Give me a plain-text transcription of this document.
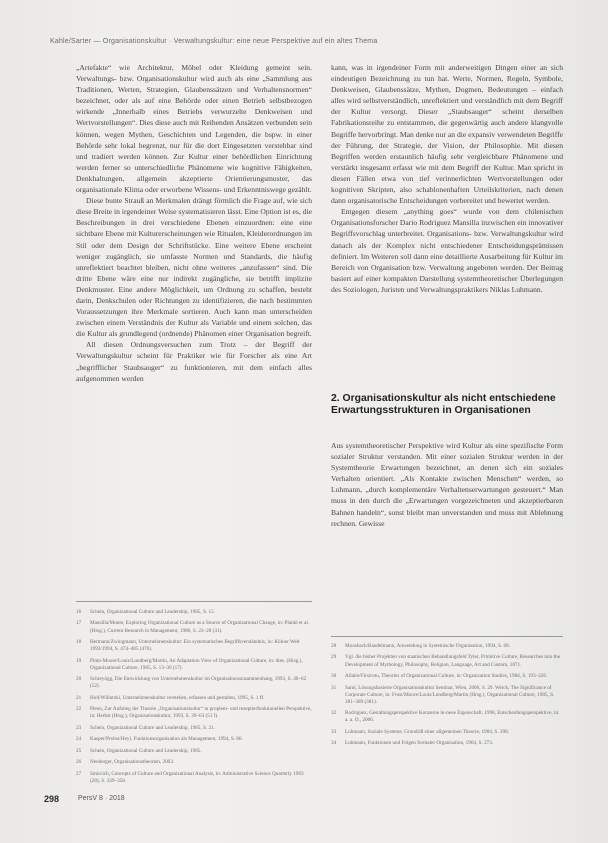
Kahle/Sarter — Organisationskultur · Verwaltungskultur: eine neue Perspektive auf ein altes Thema

„Artefakte“ wie Architektur, Möbel oder Kleidung gemeint sein. Verwaltungs- bzw. Organisationskultur wird auch als eine „Sammlung aus Traditionen, Werten, Strategien, Glaubenssätzen und Verhaltensnormen“ bezeichnet, oder als auf eine Behörde oder einen Betrieb selbstbezogen wirkende „Innerhalb eines Betriebs verwurzelte Denkweisen und Wertvorstellungen“. Dies diese auch mit Reihenden Ansätzen verbunden sein können, wegen Mythen, Geschichten und Legenden, die bspw. in einer Behörde sehr lokal begrenzt, nur für die dort Eingesetzten verstehbar sind und tradiert werden können. Zur Kultur einer behördlichen Einrichtung werden ferner so unterschiedliche Phänomene wie kognitive Fähigkeiten, Denkhaltungen, allgemein akzeptierte Orientierungsmuster, das organisationale Klima oder erworbene Wissens- und Erkenntniswege gezählt.

Diese bunte Strauß an Merkmalen drängt förmlich die Frage auf, wie sich diese Breite in irgendeiner Weise systematisieren lässt. Eine Option ist es, die Beschreibungen in drei verschiedene Ebenen einzuordnen: eine eine sichtbare Ebene mit Kulturerscheinungen wie Ritualen, Kleiderordnungen im Stil oder dem Design der Schriftstücke. Eine weitere Ebene erscheint weniger zugänglich, sie umfasste Normen und Standards, die häufig unreflektiert beachtet bleiben, nicht ohne weiteres „anzufassen“ sind. Die dritte Ebene wäre eine nur indirekt zugängliche, sie betrifft implizite Denkmuster. Eine andere Möglichkeit, um Ordnung zu schaffen, besteht darin, Denkschulen oder Richtungen zu identifizieren, die nach bestimmten Voraussetzungen ihre Merkmale sortieren. Auch kann man unterscheiden zwischen einem Verständnis der Kultur als Variable und einem solchen, das die Kultur als grundlegend (ordnende) Phänomen einer Organisation begreift.

All diesen Ordnungsversuchen zum Trotz – der Begriff der Verwaltungskultur scheint für Praktiker wie für Forscher als eine Art „begrifflicher Staubsauger“ zu funktionieren, mit dem einfach alles aufgenommen werden

kann, was in irgendeiner Form mit anderweitigen Dingen einer an sich eindeutigen Bezeichnung zu tun hat. Werte, Normen, Regeln, Symbole, Denkweisen, Glaubenssätze, Mythen, Dogmen, Bedeutungen – einfach alles wird selbstverständlich, unreflektiert und verständlich mit dem Begriff der Kultur versorgt. Dieser „Staubsauger“ scheint derselben Fabrikationsreihe zu entstammen, die gegenwärtig auch andere klangvolle Begriffe hervorbringt. Man denke nur an die expansiv verwendeten Begriffe der Führung, der Strategie, der Vision, der Philosophie. Mit diesen Begriffen werden erstaunlich häufig sehr vergleichbare Phänomene und verstärkt insgesamt erfasst wie mit dem Begriff der Kultur. Man spricht in diesen Fällen etwa von tief verinnerlichten Wertvorstellungen oder kognitiven Skripten, also schablonenhaften Urteilskriterien, nach denen dann organisatorische Entscheidungen vorbereitet und bewertet werden.

Entgegen diesem „anything goes“ wurde von dem chilenischen Organisationsforscher Dario Rodriguez Mansilla inzwischen ein innovativer Begriffsvorschlag unterbreitet. Organisations- bzw. Verwaltungskultur wird danach als der Komplex nicht entschiedener Entscheidungsprämissen definiert. Im Weiteren soll dann eine detaillierte Ausarbeitung für Kultur im Bereich von Organisation bzw. Verwaltung angeboten werden. Der Beitrag basiert auf einer kompakten Darstellung systemtheoretischer Überlegungen des Soziologen, Juristen und Verwaltungspraktikers Niklas Luhmann.

2. Organisationskultur als nicht entschiedene Erwartungsstrukturen in Organisationen

Aus systemtheoretischer Perspektive wird Kultur als eine spezifische Form sozialer Struktur verstanden. Mit einer sozialen Struktur werden in der Systemtheorie Erwartungen bezeichnet, an denen sich ein soziales Verhalten orientiert. „Als Kontakte zwischen Menschen“ werden, so Luhmann, „durch komplementäre Verhaltenserwartungen gesteuert.“ Man muss in den durch die „Erwartungen vorgezeichneten und akzeptierbaren Bahnen handeln“, sonst bleibt man unverstanden und muss mit Ablehnung rechnen. Gewisse

16	Schein, Organizational Culture and Leadership, 1985, S. 15.
17	Mansilla/Monte, Exploring Organizational Culture as a Source of Organizational Change, in: Plankl et al. (Hrsg.), Current Research in Management, 1986, S. 23–28 (31).
18	Hermann/Zwingmann, Unternehmenskultur: Ein systematisches Begriffsverständnis, in: Kölner Welt 1993/1994, S. 474–485 (476).
19	Pinto-Moore/Louis/Lundberg/Martin, An Adaptation View of Organizational Culture, in: dies. (Hrsg.), Organizational Culture, 1985, S. 13–30 (17).
20	Schreyögg, Die Entwicklung von Unternehmenskultur im Organisationszusammenhang, 1993, S. 40–62 (52).
21	Holl/Willutzki, Unternehmenskultur verstehen, erfassen und gestalten, 1995, S. 1 ff.
22	Pleon, Zur Aufstieg der Theorie „Organisationskultur“ in proplem- und rezeptierfunktionellen Perspektive, in: Herbst (Hrsg.), Organisationskultur, 1993, S. 39–63 (51 f).
23	Schein, Organizational Culture and Leadership, 1985, S. 21.
24	Kasper/Probst/Heyl, Funktionsorganisation als Management, 1994, S. 86.
25	Schein, Organizational Culture and Leadership, 1985.
26	Neuberger, Organisationstheorien, 2003.
27	Smircich, Concepts of Culture and Organizational Analysis, in: Administrative Science Quarterly 1983 (28), S. 339–358.
28	Moosbach/Baudelmann, Anwendung in Systemische Organisation, 1994, S. 68.
29	Vgl. die bisher Projekten von staatischen Behandlungsfeld Tyler, Primitive Culture, Researches into the Development of Mythology, Philosophy, Religion, Language, Art and Custom, 1871.
30	Allaire/Firsirotu, Theories of Organizational Culture, in: Organization Studies, 1984, S. 193–226.
31	Santi, Lösungsbasierte Organisationskultur Seminar, Wien, 2006, S. 29. Weick, The Significance of Corporate Culture, in: Frost/Moore/Louis/Lundberg/Martin (Hrsg.), Organizational Culture, 1985, S. 381–389 (381).
32	Rodriguez, Gestaltungsperspektive Konzerne in-neue Eigenschaft, 1998, Entscheidungsperspektive, in: a. a. O., 2006.
33	Luhmann, Soziale Systeme, Grundriß einer allgemeinen Theorie, 1984, S. 398.
34	Luhmann, Funktionen und Folgen formaler Organisation, 1964, S. 273.
298	PersV 8 · 2018
